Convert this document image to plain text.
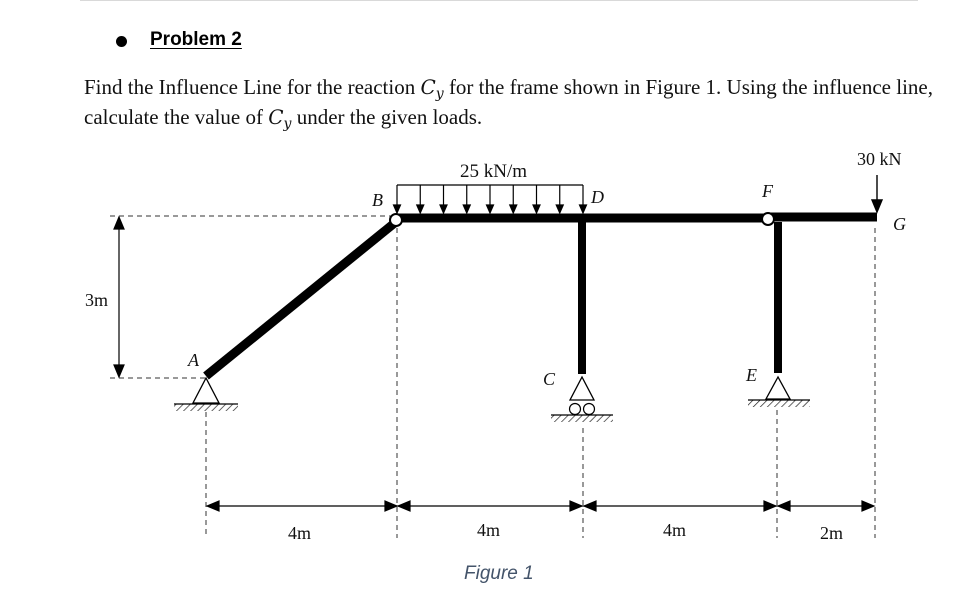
Problem 2
Find the Influence Line for the reaction $C_y$ for the frame shown in Figure 1. Using the influence line, calculate the value of $C_y$ under the given loads.
25 kN/m
30 kN
A
B
C
D
E
F
G
3m
4m	4m	4m	2m
Figure 1
